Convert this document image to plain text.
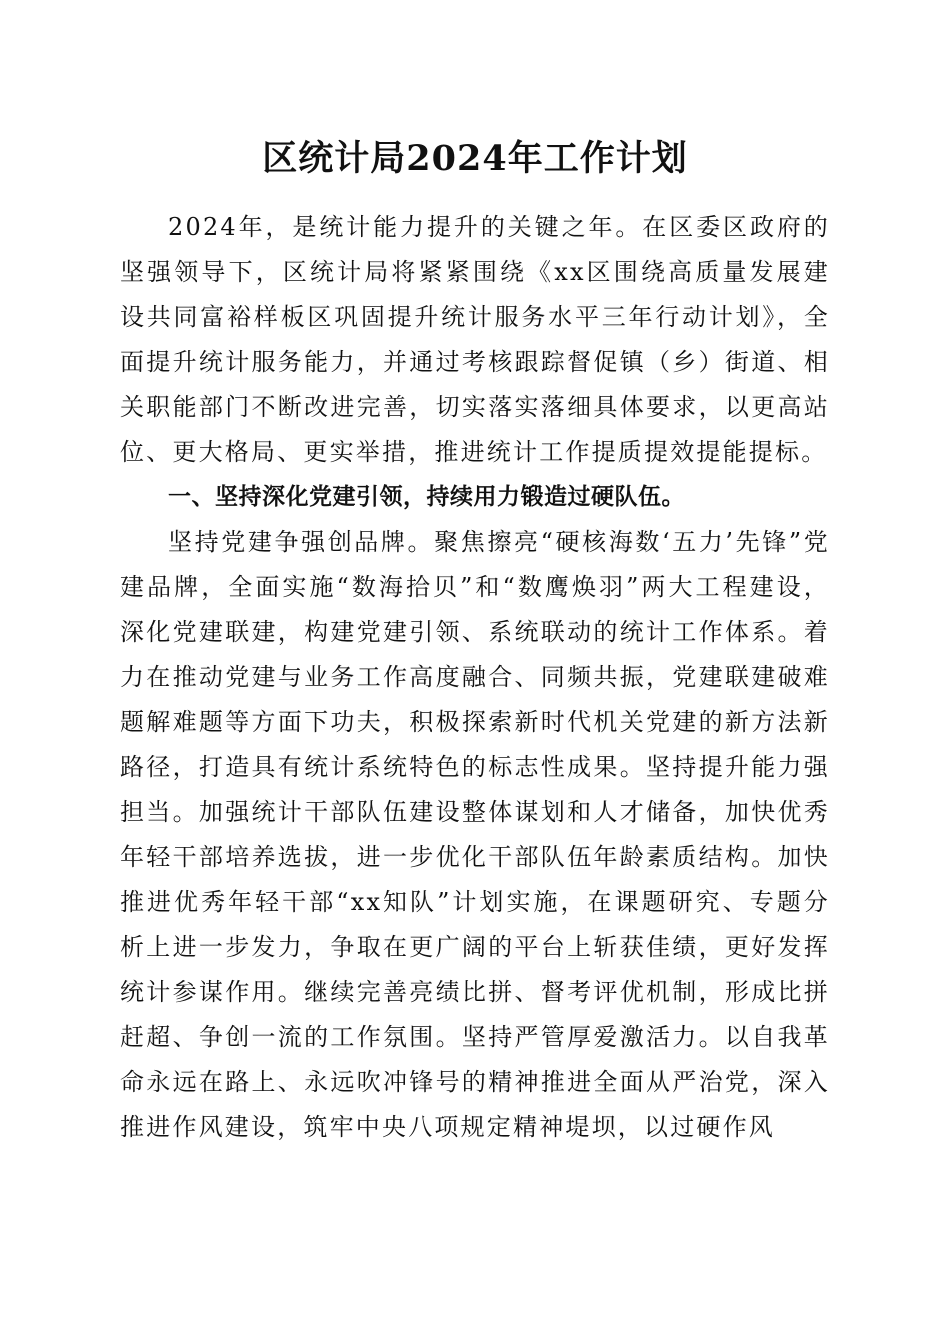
区统计局2024年工作计划

2024年，是统计能力提升的关键之年。在区委区政府的坚强领导下，区统计局将紧紧围绕《xx区围绕高质量发展建设共同富裕样板区巩固提升统计服务水平三年行动计划》，全面提升统计服务能力，并通过考核跟踪督促镇（乡）街道、相关职能部门不断改进完善，切实落实落细具体要求，以更高站位、更大格局、更实举措，推进统计工作提质提效提能提标。

一、坚持深化党建引领，持续用力锻造过硬队伍。

坚持党建争强创品牌。聚焦擦亮“硬核海数‘五力’先锋”党建品牌，全面实施“数海拾贝”和“数鹰焕羽”两大工程建设，深化党建联建，构建党建引领、系统联动的统计工作体系。着力在推动党建与业务工作高度融合、同频共振，党建联建破难题解难题等方面下功夫，积极探索新时代机关党建的新方法新路径，打造具有统计系统特色的标志性成果。坚持提升能力强担当。加强统计干部队伍建设整体谋划和人才储备，加快优秀年轻干部培养选拔，进一步优化干部队伍年龄素质结构。加快推进优秀年轻干部“xx知队”计划实施，在课题研究、专题分析上进一步发力，争取在更广阔的平台上斩获佳绩，更好发挥统计参谋作用。继续完善亮绩比拼、督考评优机制，形成比拼赶超、争创一流的工作氛围。坚持严管厚爱激活力。以自我革命永远在路上、永远吹冲锋号的精神推进全面从严治党，深入推进作风建设，筑牢中央八项规定精神堤坝，以过硬作风
